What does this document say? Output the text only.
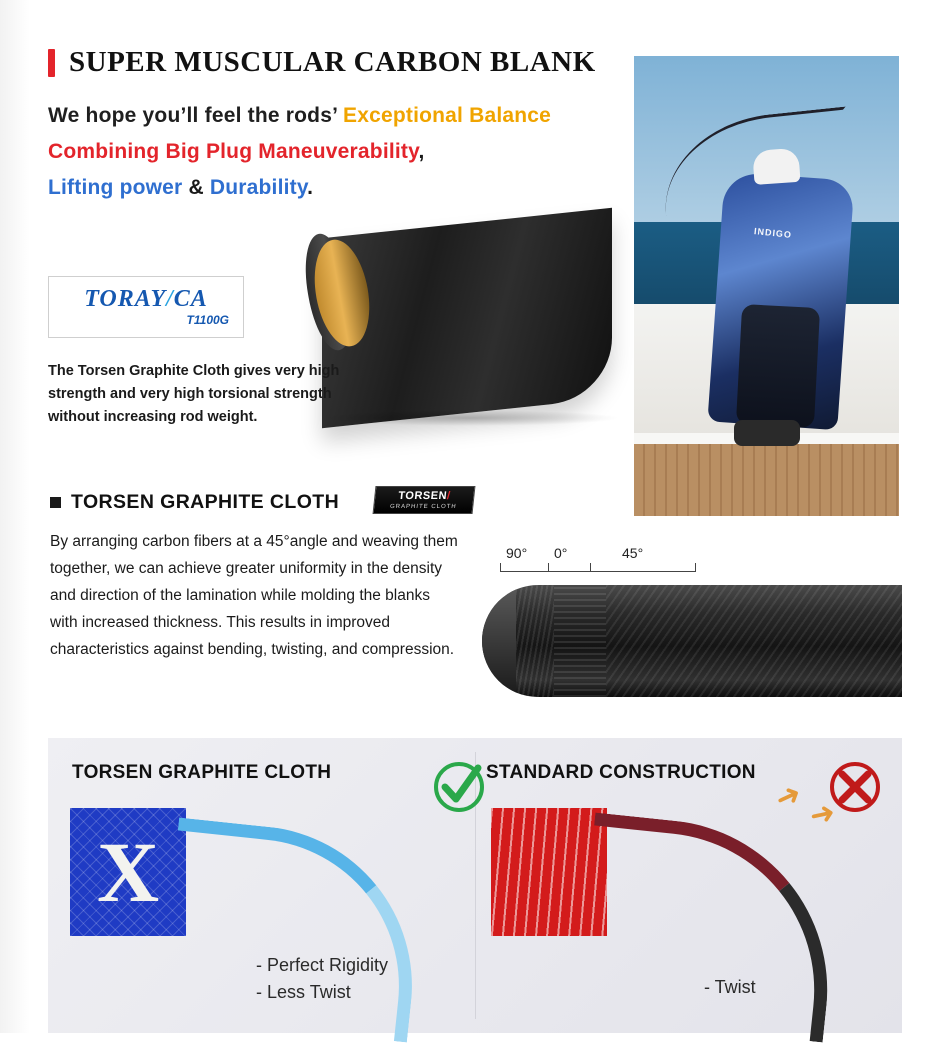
SUPER MUSCULAR CARBON BLANK
We hope you’ll feel the rods’ Exceptional Balance
Combining Big Plug Maneuverability,
Lifting power & Durability.
INDIGO
TORAY/CA
T1100G
The Torsen Graphite Cloth gives very high strength and very high torsional strength without increasing rod weight.
TORSEN GRAPHITE CLOTH	TORSEN/
GRAPHITE CLOTH
By arranging carbon fibers at a 45°angle and weaving them together, we can achieve greater uniformity in the density and direction of the lamination while molding the blanks with increased thickness. This results in improved characteristics against bending, twisting, and compression.
90° 0°	45°
TORSEN GRAPHITE CLOTH	STANDARD CONSTRUCTION
X
➜ ➜
- Perfect Rigidity
- Less Twist	- Twist
